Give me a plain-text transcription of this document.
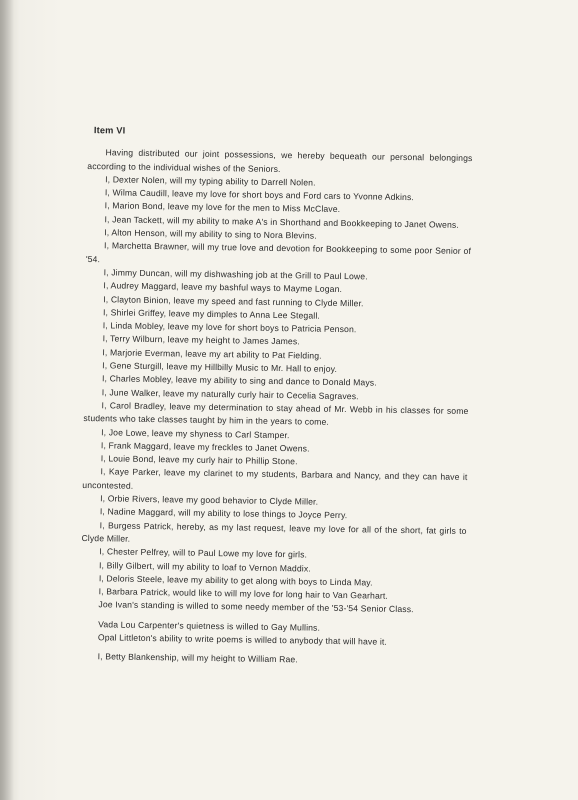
Item VI

Having distributed our joint possessions, we hereby bequeath our personal belongings according to the individual wishes of the Seniors.

I, Dexter Nolen, will my typing ability to Darrell Nolen.

I, Wilma Caudill, leave my love for short boys and Ford cars to Yvonne Adkins.

I, Marion Bond, leave my love for the men to Miss McClave.

I, Jean Tackett, will my ability to make A's in Shorthand and Bookkeeping to Janet Owens.

I, Alton Henson, will my ability to sing to Nora Blevins.

I, Marchetta Brawner, will my true love and devotion for Bookkeeping to some poor Senior of '54.

I, Jimmy Duncan, will my dishwashing job at the Grill to Paul Lowe.

I, Audrey Maggard, leave my bashful ways to Mayme Logan.

I, Clayton Binion, leave my speed and fast running to Clyde Miller.

I, Shirlei Griffey, leave my dimples to Anna Lee Stegall.

I, Linda Mobley, leave my love for short boys to Patricia Penson.

I, Terry Wilburn, leave my height to James James.

I, Marjorie Everman, leave my art ability to Pat Fielding.

I, Gene Sturgill, leave my Hillbilly Music to Mr. Hall to enjoy.

I, Charles Mobley, leave my ability to sing and dance to Donald Mays.

I, June Walker, leave my naturally curly hair to Cecelia Sagraves.

I, Carol Bradley, leave my determination to stay ahead of Mr. Webb in his classes for some students who take classes taught by him in the years to come.

I, Joe Lowe, leave my shyness to Carl Stamper.

I, Frank Maggard, leave my freckles to Janet Owens.

I, Louie Bond, leave my curly hair to Phillip Stone.

I, Kaye Parker, leave my clarinet to my students, Barbara and Nancy, and they can have it uncontested.

I, Orbie Rivers, leave my good behavior to Clyde Miller.

I, Nadine Maggard, will my ability to lose things to Joyce Perry.

I, Burgess Patrick, hereby, as my last request, leave my love for all of the short, fat girls to Clyde Miller.

I, Chester Pelfrey, will to Paul Lowe my love for girls.

I, Billy Gilbert, will my ability to loaf to Vernon Maddix.

I, Deloris Steele, leave my ability to get along with boys to Linda May.

I, Barbara Patrick, would like to will my love for long hair to Van Gearhart.

Joe Ivan's standing is willed to some needy member of the '53-'54 Senior Class.

Vada Lou Carpenter's quietness is willed to Gay Mullins.

Opal Littleton's ability to write poems is willed to anybody that will have it.

I, Betty Blankenship, will my height to William Rae.
